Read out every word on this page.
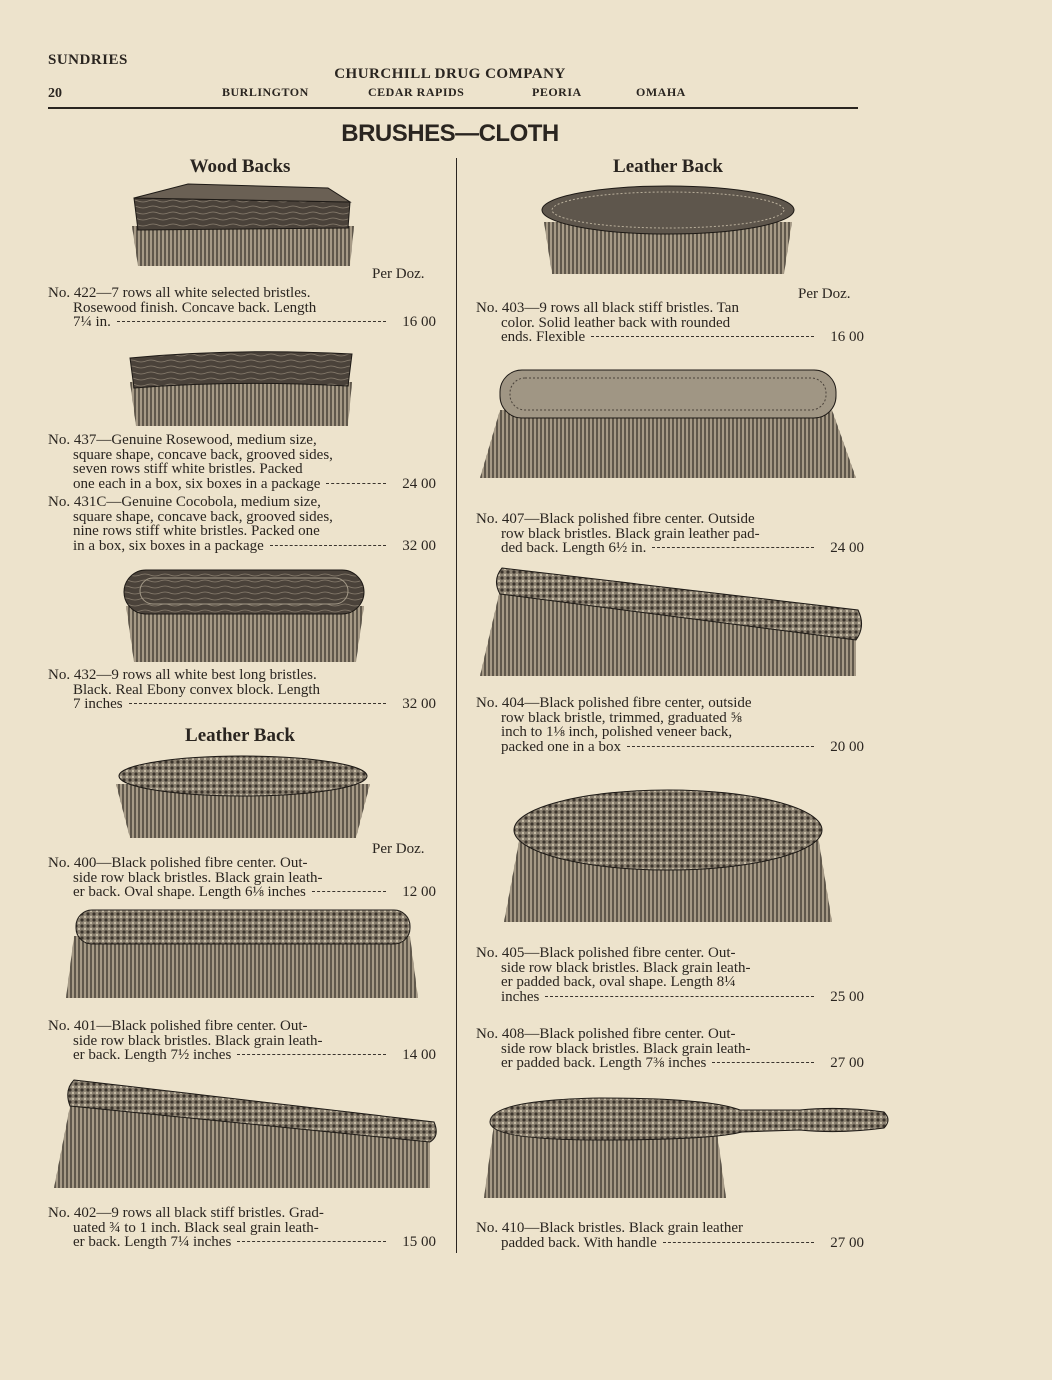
SUNDRIES
20
CHURCHILL DRUG COMPANY
BURLINGTON	CEDAR RAPIDS	PEORIA	OMAHA
BRUSHES—CLOTH
Wood Backs
Per Doz.
No. 422—7 rows all white selected bristles.
Rosewood finish. Concave back. Length
7¼ in.	16 00
No. 437—Genuine Rosewood, medium size,
square shape, concave back, grooved sides,
seven rows stiff white bristles. Packed
one each in a box, six boxes in a package	24 00
No. 431C—Genuine Cocobola, medium size,
square shape, concave back, grooved sides,
nine rows stiff white bristles. Packed one
in a box, six boxes in a package	32 00
No. 432—9 rows all white best long bristles.
Black. Real Ebony convex block. Length
7 inches	32 00
Leather Back
Per Doz.
No. 400—Black polished fibre center. Out-
side row black bristles. Black grain leath-
er back. Oval shape. Length 6⅛ inches	12 00
No. 401—Black polished fibre center. Out-
side row black bristles. Black grain leath-
er back. Length 7½ inches	14 00
No. 402—9 rows all black stiff bristles. Grad-
uated ¾ to 1 inch. Black seal grain leath-
er back. Length 7¼ inches	15 00
Leather Back
Per Doz.
No. 403—9 rows all black stiff bristles. Tan
color. Solid leather back with rounded
ends. Flexible	16 00
No. 407—Black polished fibre center. Outside
row black bristles. Black grain leather pad-
ded back. Length 6½ in.	24 00
No. 404—Black polished fibre center, outside
row black bristle, trimmed, graduated ⅝
inch to 1⅛ inch, polished veneer back,
packed one in a box	20 00
No. 405—Black polished fibre center. Out-
side row black bristles. Black grain leath-
er padded back, oval shape. Length 8¼
inches	25 00
No. 408—Black polished fibre center. Out-
side row black bristles. Black grain leath-
er padded back. Length 7⅜ inches	27 00
No. 410—Black bristles. Black grain leather
padded back. With handle	27 00
